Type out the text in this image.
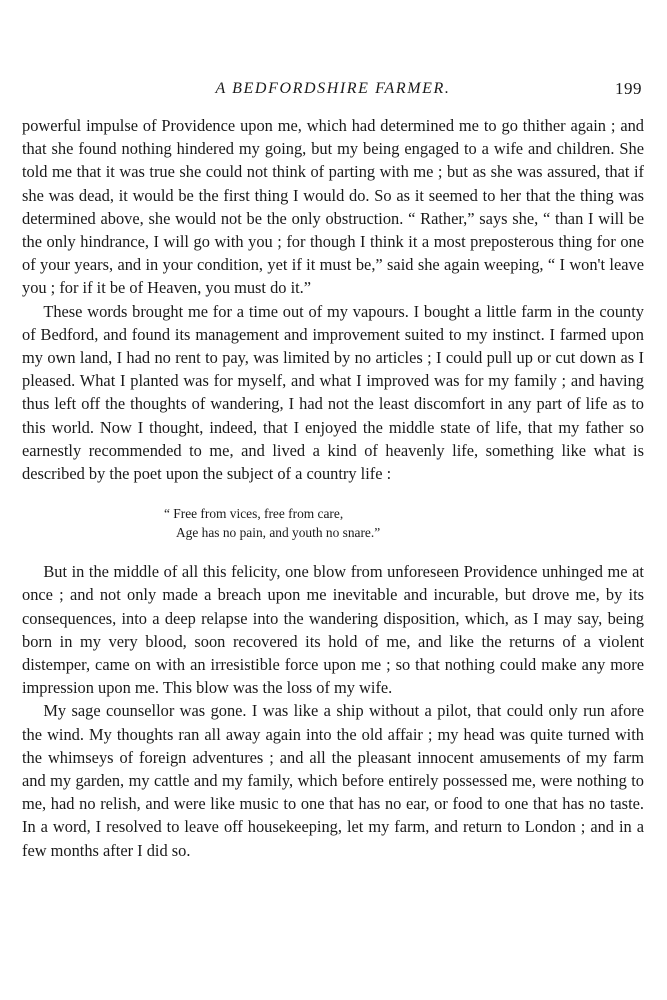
A BEDFORDSHIRE FARMER.	199

powerful impulse of Providence upon me, which had determined me to go thither again ; and that she found nothing hindered my going, but my being engaged to a wife and children. She told me that it was true she could not think of parting with me ; but as she was assured, that if she was dead, it would be the first thing I would do. So as it seemed to her that the thing was determined above, she would not be the only obstruction. “ Rather,” says she, “ than I will be the only hindrance, I will go with you ; for though I think it a most preposterous thing for one of your years, and in your condition, yet if it must be,” said she again weeping, “ I won't leave you ; for if it be of Heaven, you must do it.”

These words brought me for a time out of my vapours. I bought a little farm in the county of Bedford, and found its management and improvement suited to my instinct. I farmed upon my own land, I had no rent to pay, was limited by no articles ; I could pull up or cut down as I pleased. What I planted was for myself, and what I improved was for my family ; and having thus left off the thoughts of wandering, I had not the least discomfort in any part of life as to this world. Now I thought, indeed, that I enjoyed the middle state of life, that my father so earnestly recommended to me, and lived a kind of heavenly life, something like what is described by the poet upon the subject of a country life :

“ Free from vices, free from care,
Age has no pain, and youth no snare.”

But in the middle of all this felicity, one blow from unforeseen Providence unhinged me at once ; and not only made a breach upon me inevitable and incurable, but drove me, by its consequences, into a deep relapse into the wandering disposition, which, as I may say, being born in my very blood, soon recovered its hold of me, and like the returns of a violent distemper, came on with an irresistible force upon me ; so that nothing could make any more impression upon me. This blow was the loss of my wife.

My sage counsellor was gone. I was like a ship without a pilot, that could only run afore the wind. My thoughts ran all away again into the old affair ; my head was quite turned with the whimseys of foreign adventures ; and all the pleasant innocent amusements of my farm and my garden, my cattle and my family, which before entirely possessed me, were nothing to me, had no relish, and were like music to one that has no ear, or food to one that has no taste. In a word, I resolved to leave off housekeeping, let my farm, and return to London ; and in a few months after I did so.
